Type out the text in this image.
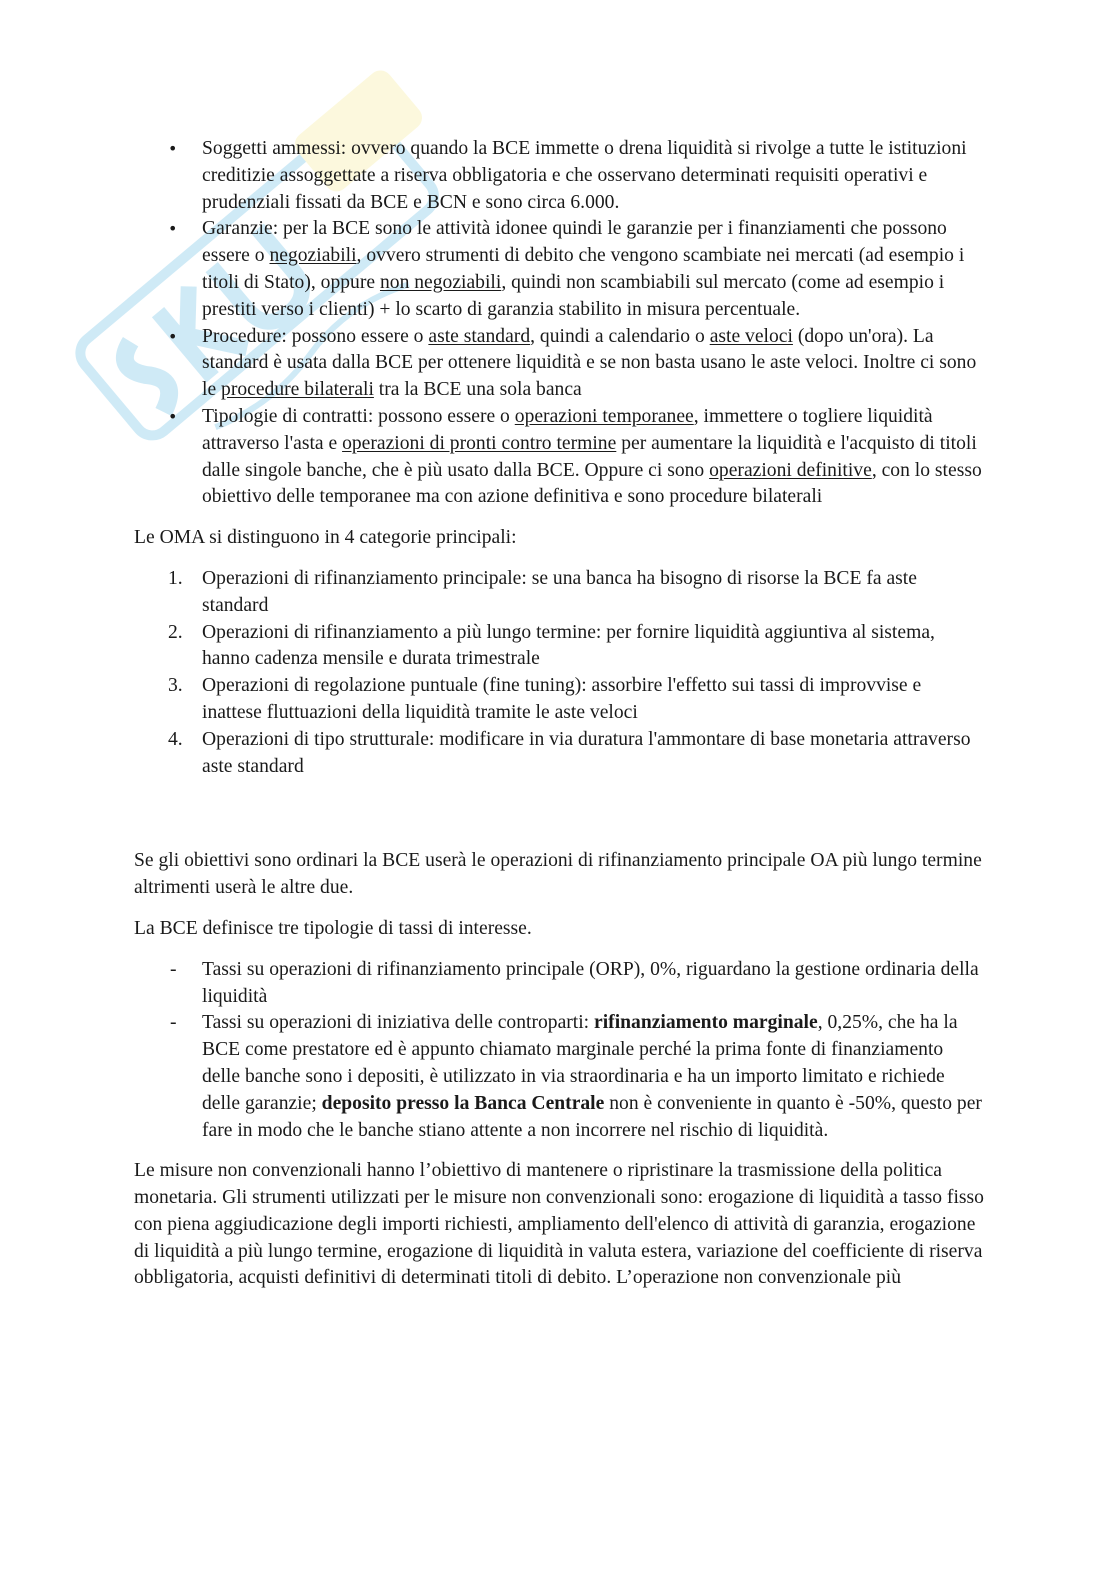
• Soggetti ammessi: ovvero quando la BCE immette o drena liquidità si rivolge a tutte le istituzioni creditizie assoggettate a riserva obbligatoria e che osservano determinati requisiti operativi e prudenziali fissati da BCE e BCN e sono circa 6.000.
• Garanzie: per la BCE sono le attività idonee quindi le garanzie per i finanziamenti che possono essere o negoziabili, ovvero strumenti di debito che vengono scambiate nei mercati (ad esempio i titoli di Stato), oppure non negoziabili, quindi non scambiabili sul mercato (come ad esempio i prestiti verso i clienti) + lo scarto di garanzia stabilito in misura percentuale.
• Procedure: possono essere o aste standard, quindi a calendario o aste veloci (dopo un'ora). La standard è usata dalla BCE per ottenere liquidità e se non basta usano le aste veloci. Inoltre ci sono le procedure bilaterali tra la BCE una sola banca
• Tipologie di contratti: possono essere o operazioni temporanee, immettere o togliere liquidità attraverso l'asta e operazioni di pronti contro termine per aumentare la liquidità e l'acquisto di titoli dalle singole banche, che è più usato dalla BCE. Oppure ci sono operazioni definitive, con lo stesso obiettivo delle temporanee ma con azione definitiva e sono procedure bilaterali

Le OMA si distinguono in 4 categorie principali:

1. Operazioni di rifinanziamento principale: se una banca ha bisogno di risorse la BCE fa aste standard
2. Operazioni di rifinanziamento a più lungo termine: per fornire liquidità aggiuntiva al sistema, hanno cadenza mensile e durata trimestrale
3. Operazioni di regolazione puntuale (fine tuning): assorbire l'effetto sui tassi di improvvise e inattese fluttuazioni della liquidità tramite le aste veloci
4. Operazioni di tipo strutturale: modificare in via duratura l'ammontare di base monetaria attraverso aste standard

Se gli obiettivi sono ordinari la BCE userà le operazioni di rifinanziamento principale OA più lungo termine altrimenti userà le altre due.

La BCE definisce tre tipologie di tassi di interesse.

- Tassi su operazioni di rifinanziamento principale (ORP), 0%, riguardano la gestione ordinaria della liquidità
- Tassi su operazioni di iniziativa delle controparti: rifinanziamento marginale, 0,25%, che ha la BCE come prestatore ed è appunto chiamato marginale perché la prima fonte di finanziamento delle banche sono i depositi, è utilizzato in via straordinaria e ha un importo limitato e richiede delle garanzie; deposito presso la Banca Centrale non è conveniente in quanto è -50%, questo per fare in modo che le banche stiano attente a non incorrere nel rischio di liquidità.

Le misure non convenzionali hanno l’obiettivo di mantenere o ripristinare la trasmissione della politica monetaria. Gli strumenti utilizzati per le misure non convenzionali sono: erogazione di liquidità a tasso fisso con piena aggiudicazione degli importi richiesti, ampliamento dell'elenco di attività di garanzia, erogazione di liquidità a più lungo termine, erogazione di liquidità in valuta estera, variazione del coefficiente di riserva obbligatoria, acquisti definitivi di determinati titoli di debito. L’operazione non convenzionale più
